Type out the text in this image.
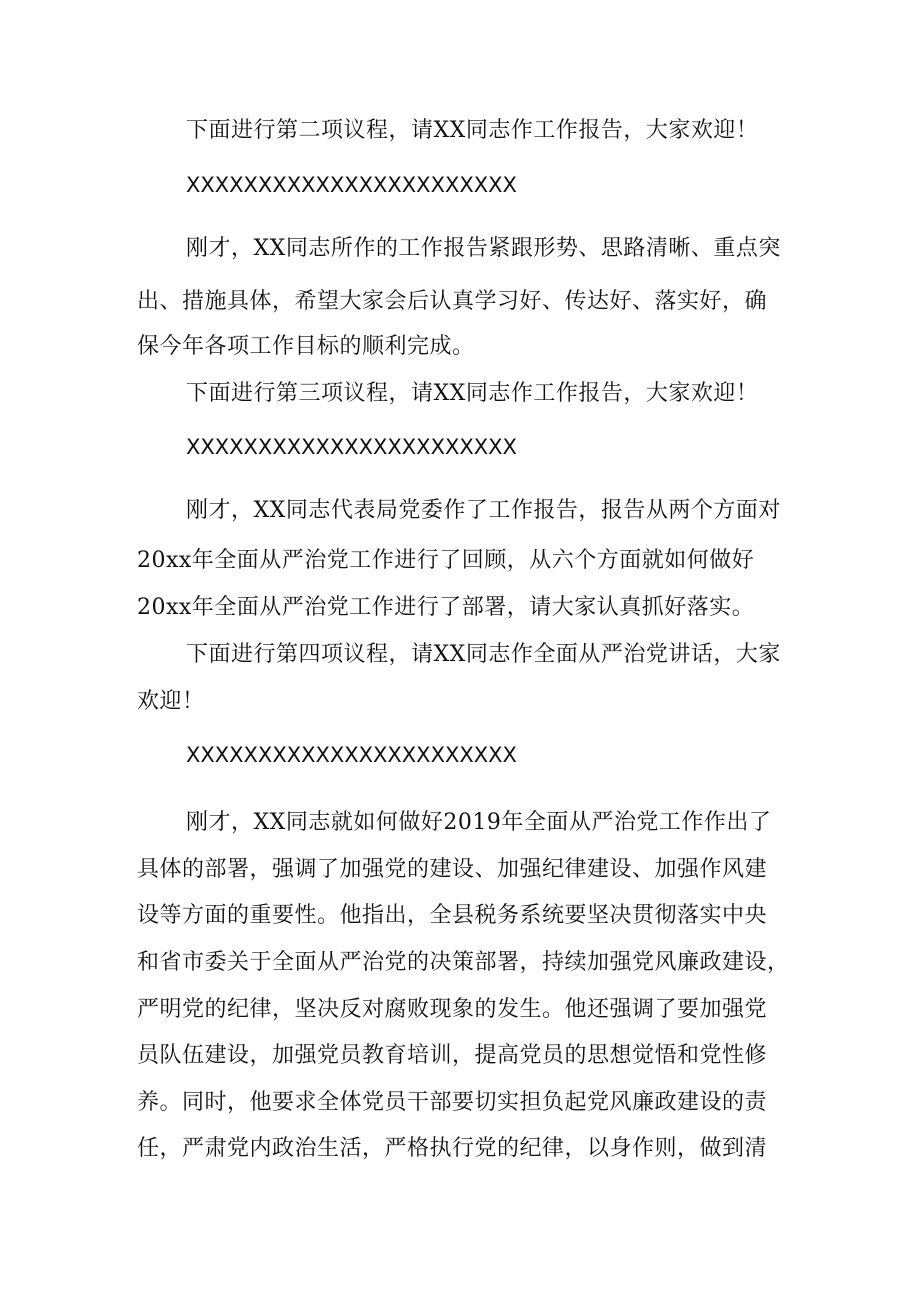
下面进行第二项议程，请XX同志作工作报告，大家欢迎！
XXXXXXXXXXXXXXXXXXXXXXX
刚才，XX同志所作的工作报告紧跟形势、思路清晰、重点突
出、措施具体，希望大家会后认真学习好、传达好、落实好，确
保今年各项工作目标的顺利完成。
下面进行第三项议程，请XX同志作工作报告，大家欢迎！
XXXXXXXXXXXXXXXXXXXXXXX
刚才，XX同志代表局党委作了工作报告，报告从两个方面对
20xx年全面从严治党工作进行了回顾，从六个方面就如何做好
20xx年全面从严治党工作进行了部署，请大家认真抓好落实。
下面进行第四项议程，请XX同志作全面从严治党讲话，大家
欢迎！
XXXXXXXXXXXXXXXXXXXXXXX
刚才，XX同志就如何做好2019年全面从严治党工作作出了
具体的部署，强调了加强党的建设、加强纪律建设、加强作风建
设等方面的重要性。他指出，全县税务系统要坚决贯彻落实中央
和省市委关于全面从严治党的决策部署，持续加强党风廉政建设，
严明党的纪律，坚决反对腐败现象的发生。他还强调了要加强党
员队伍建设，加强党员教育培训，提高党员的思想觉悟和党性修
养。同时，他要求全体党员干部要切实担负起党风廉政建设的责
任，严肃党内政治生活，严格执行党的纪律，以身作则，做到清
